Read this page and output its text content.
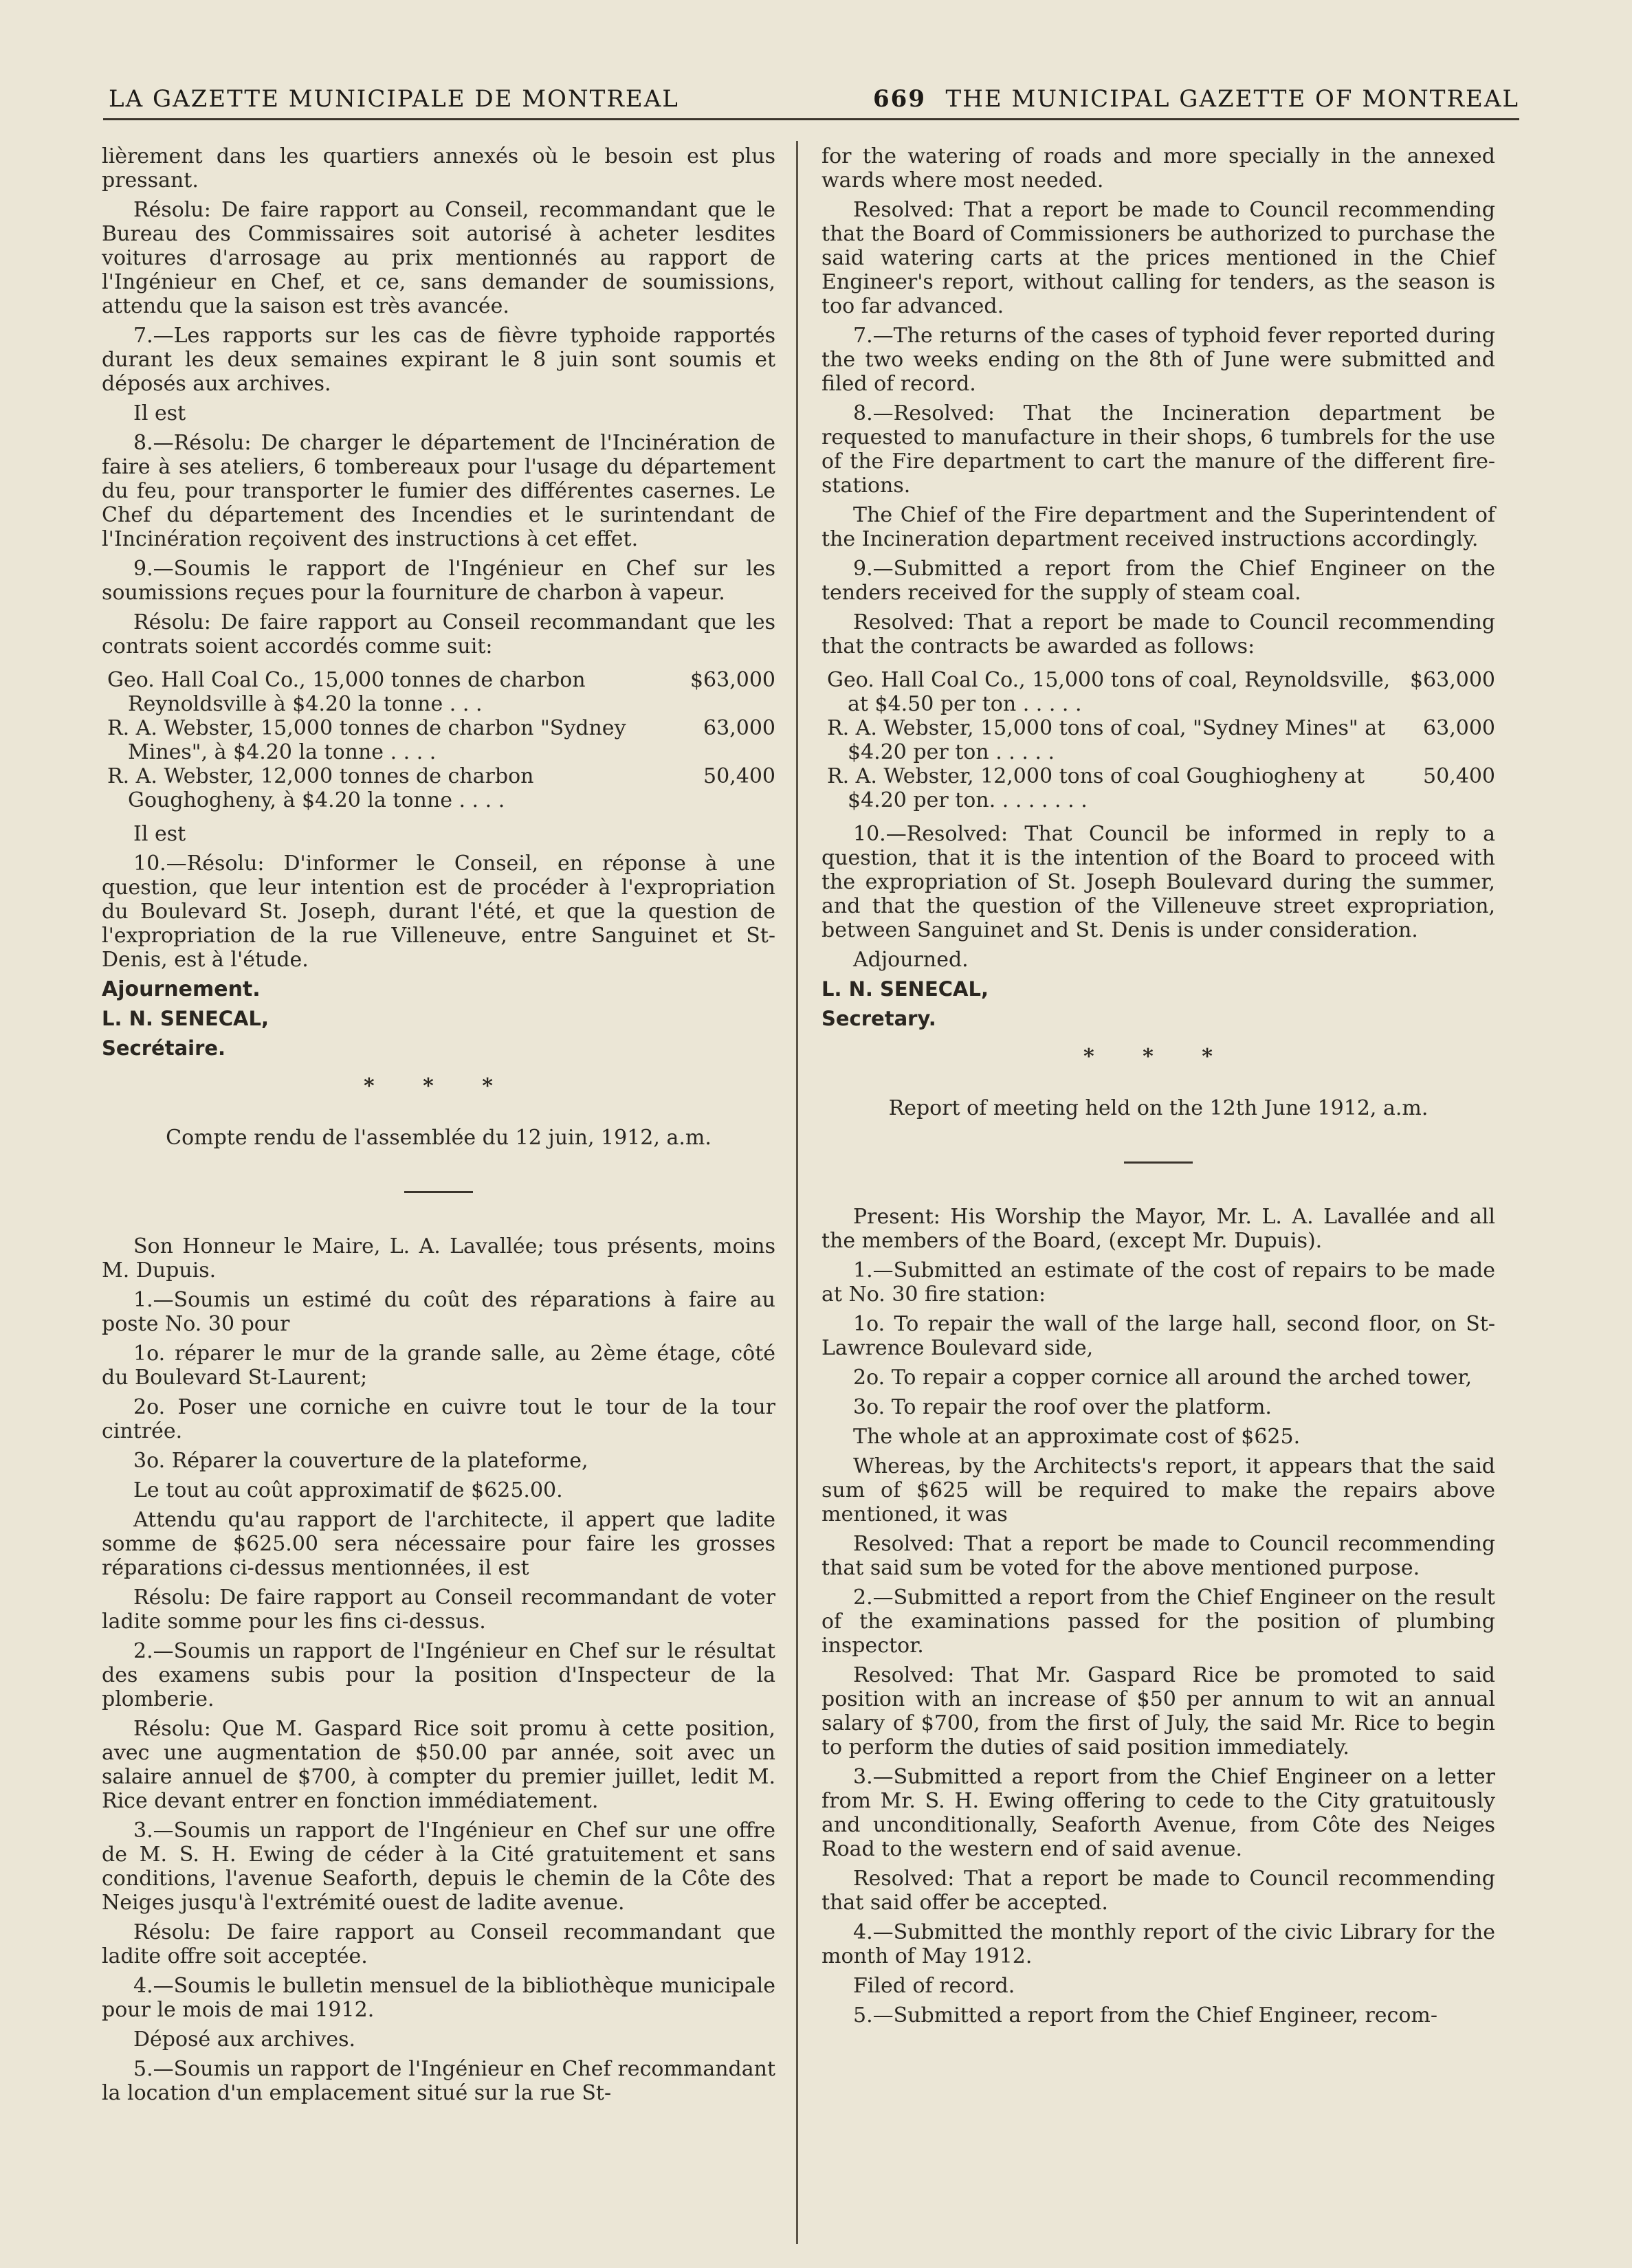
LA GAZETTE MUNICIPALE DE MONTREAL	669 THE MUNICIPAL GAZETTE OF MONTREAL

lièrement dans les quartiers annexés où le besoin est plus pressant.

Résolu: De faire rapport au Conseil, recommandant que le Bureau des Commissaires soit autorisé à acheter lesdites voitures d'arrosage au prix mentionnés au rapport de l'Ingénieur en Chef, et ce, sans demander de soumissions, attendu que la saison est très avancée.

7.—Les rapports sur les cas de fièvre typhoide rapportés durant les deux semaines expirant le 8 juin sont soumis et déposés aux archives.

Il est

8.—Résolu: De charger le département de l'Incinération de faire à ses ateliers, 6 tombereaux pour l'usage du département du feu, pour transporter le fumier des différentes casernes. Le Chef du département des Incendies et le surintendant de l'Incinération reçoivent des instructions à cet effet.

9.—Soumis le rapport de l'Ingénieur en Chef sur les soumissions reçues pour la fourniture de charbon à vapeur.

Résolu: De faire rapport au Conseil recommandant que les contrats soient accordés comme suit:

Geo. Hall Coal Co., 15,000 tonnes de charbon Reynoldsville à $4.20 la tonne . . .	$63,000
R. A. Webster, 15,000 tonnes de charbon "Sydney Mines", à $4.20 la tonne . . . .	63,000
R. A. Webster, 12,000 tonnes de charbon Goughogheny, à $4.20 la tonne . . . .	50,400

Il est

10.—Résolu: D'informer le Conseil, en réponse à une question, que leur intention est de procéder à l'expropriation du Boulevard St. Joseph, durant l'été, et que la question de l'expropriation de la rue Villeneuve, entre Sanguinet et St-Denis, est à l'étude.

Ajournement.

L. N. SENECAL,

Secrétaire.

* * *

Compte rendu de l'assemblée du 12 juin, 1912, a.m.

Son Honneur le Maire, L. A. Lavallée; tous présents, moins M. Dupuis.

1.—Soumis un estimé du coût des réparations à faire au poste No. 30 pour

1o. réparer le mur de la grande salle, au 2ème étage, côté du Boulevard St-Laurent;

2o. Poser une corniche en cuivre tout le tour de la tour cintrée.

3o. Réparer la couverture de la plateforme,

Le tout au coût approximatif de $625.00.

Attendu qu'au rapport de l'architecte, il appert que ladite somme de $625.00 sera nécessaire pour faire les grosses réparations ci-dessus mentionnées, il est

Résolu: De faire rapport au Conseil recommandant de voter ladite somme pour les fins ci-dessus.

2.—Soumis un rapport de l'Ingénieur en Chef sur le résultat des examens subis pour la position d'Inspecteur de la plomberie.

Résolu: Que M. Gaspard Rice soit promu à cette position, avec une augmentation de $50.00 par année, soit avec un salaire annuel de $700, à compter du premier juillet, ledit M. Rice devant entrer en fonction immédiatement.

3.—Soumis un rapport de l'Ingénieur en Chef sur une offre de M. S. H. Ewing de céder à la Cité gratuitement et sans conditions, l'avenue Seaforth, depuis le chemin de la Côte des Neiges jusqu'à l'extrémité ouest de ladite avenue.

Résolu: De faire rapport au Conseil recommandant que ladite offre soit acceptée.

4.—Soumis le bulletin mensuel de la bibliothèque municipale pour le mois de mai 1912.

Déposé aux archives.

5.—Soumis un rapport de l'Ingénieur en Chef recommandant la location d'un emplacement situé sur la rue St-

for the watering of roads and more specially in the annexed wards where most needed.

Resolved: That a report be made to Council recommending that the Board of Commissioners be authorized to purchase the said watering carts at the prices mentioned in the Chief Engineer's report, without calling for tenders, as the season is too far advanced.

7.—The returns of the cases of typhoid fever reported during the two weeks ending on the 8th of June were submitted and filed of record.

8.—Resolved: That the Incineration department be requested to manufacture in their shops, 6 tumbrels for the use of the Fire department to cart the manure of the different fire-stations.

The Chief of the Fire department and the Superintendent of the Incineration department received instructions accordingly.

9.—Submitted a report from the Chief Engineer on the tenders received for the supply of steam coal.

Resolved: That a report be made to Council recommending that the contracts be awarded as follows:

Geo. Hall Coal Co., 15,000 tons of coal, Reynoldsville, at $4.50 per ton . . . . .	$63,000
R. A. Webster, 15,000 tons of coal, "Sydney Mines" at $4.20 per ton . . . . .	63,000
R. A. Webster, 12,000 tons of coal Goughiogheny at $4.20 per ton. . . . . . . .	50,400

10.—Resolved: That Council be informed in reply to a question, that it is the intention of the Board to proceed with the expropriation of St. Joseph Boulevard during the summer, and that the question of the Villeneuve street expropriation, between Sanguinet and St. Denis is under consideration.

Adjourned.

L. N. SENECAL,

Secretary.

* * *

Report of meeting held on the 12th June 1912, a.m.

Present: His Worship the Mayor, Mr. L. A. Lavallée and all the members of the Board, (except Mr. Dupuis).

1.—Submitted an estimate of the cost of repairs to be made at No. 30 fire station:

1o. To repair the wall of the large hall, second floor, on St-Lawrence Boulevard side,

2o. To repair a copper cornice all around the arched tower,

3o. To repair the roof over the platform.

The whole at an approximate cost of $625.

Whereas, by the Architects's report, it appears that the said sum of $625 will be required to make the repairs above mentioned, it was

Resolved: That a report be made to Council recommending that said sum be voted for the above mentioned purpose.

2.—Submitted a report from the Chief Engineer on the result of the examinations passed for the position of plumbing inspector.

Resolved: That Mr. Gaspard Rice be promoted to said position with an increase of $50 per annum to wit an annual salary of $700, from the first of July, the said Mr. Rice to begin to perform the duties of said position immediately.

3.—Submitted a report from the Chief Engineer on a letter from Mr. S. H. Ewing offering to cede to the City gratuitously and unconditionally, Seaforth Avenue, from Côte des Neiges Road to the western end of said avenue.

Resolved: That a report be made to Council recommending that said offer be accepted.

4.—Submitted the monthly report of the civic Library for the month of May 1912.

Filed of record.

5.—Submitted a report from the Chief Engineer, recom-
